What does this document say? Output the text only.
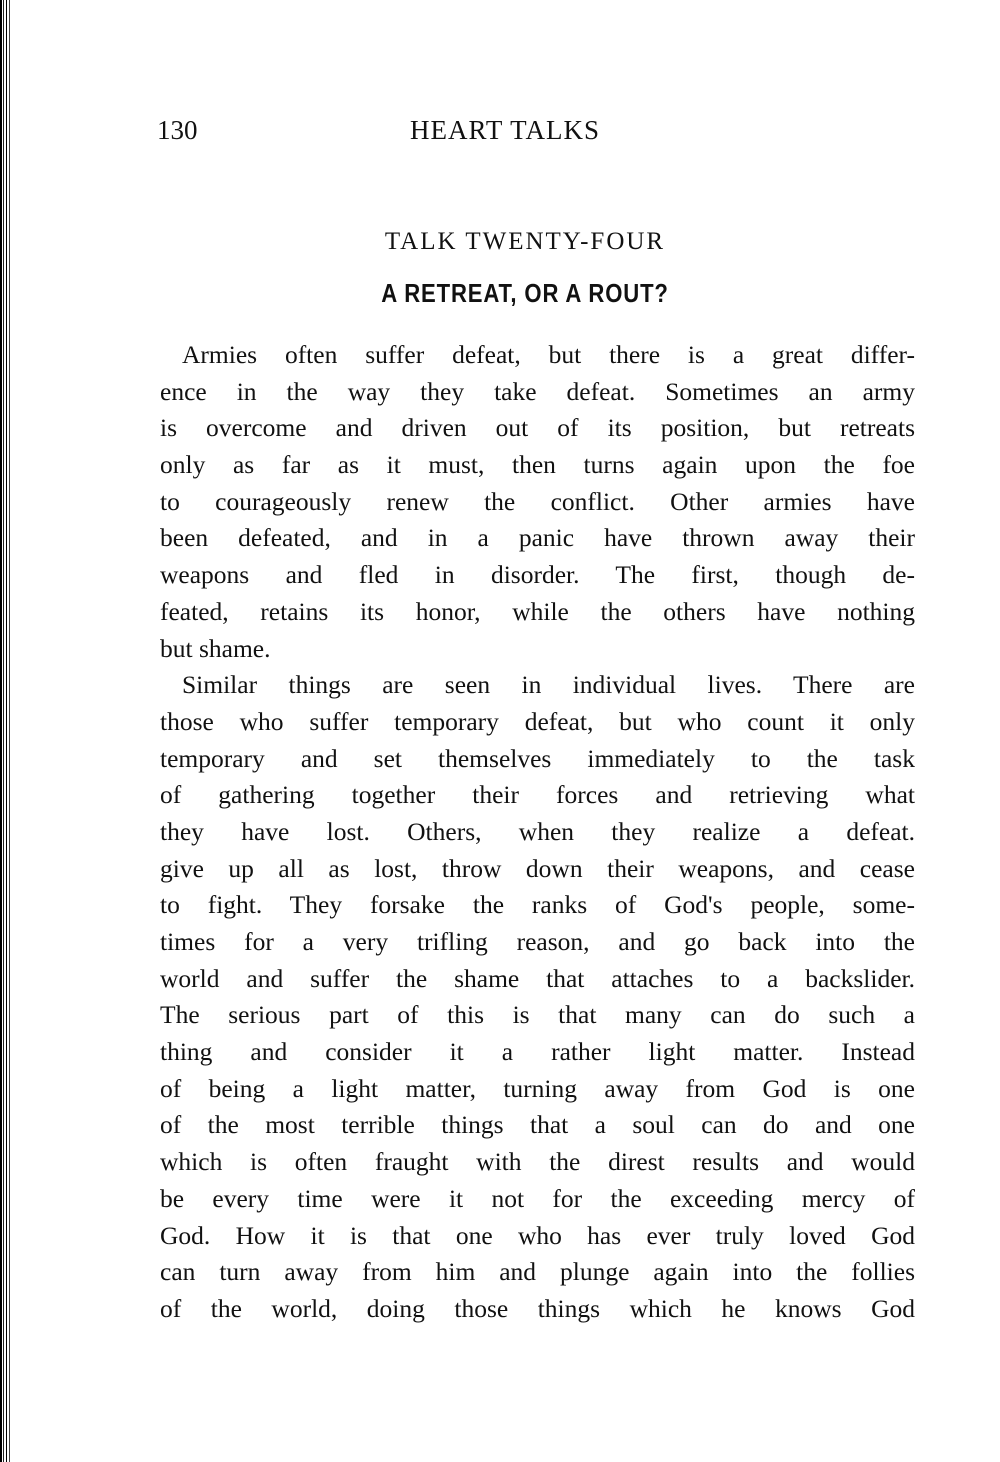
130	HEART TALKS
TALK TWENTY-FOUR
A RETREAT, OR A ROUT?
Armies often suffer defeat, but there is a great differ-
ence in the way they take defeat. Sometimes an army
is overcome and driven out of its position, but retreats
only as far as it must, then turns again upon the foe
to courageously renew the conflict. Other armies have
been defeated, and in a panic have thrown away their
weapons and fled in disorder. The first, though de-
feated, retains its honor, while the others have nothing
but shame.
Similar things are seen in individual lives. There are
those who suffer temporary defeat, but who count it only
temporary and set themselves immediately to the task
of gathering together their forces and retrieving what
they have lost. Others, when they realize a defeat.
give up all as lost, throw down their weapons, and cease
to fight. They forsake the ranks of God's people, some-
times for a very trifling reason, and go back into the
world and suffer the shame that attaches to a backslider.
The serious part of this is that many can do such a
thing and consider it a rather light matter. Instead
of being a light matter, turning away from God is one
of the most terrible things that a soul can do and one
which is often fraught with the direst results and would
be every time were it not for the exceeding mercy of
God. How it is that one who has ever truly loved God
can turn away from him and plunge again into the follies
of the world, doing those things which he knows God
